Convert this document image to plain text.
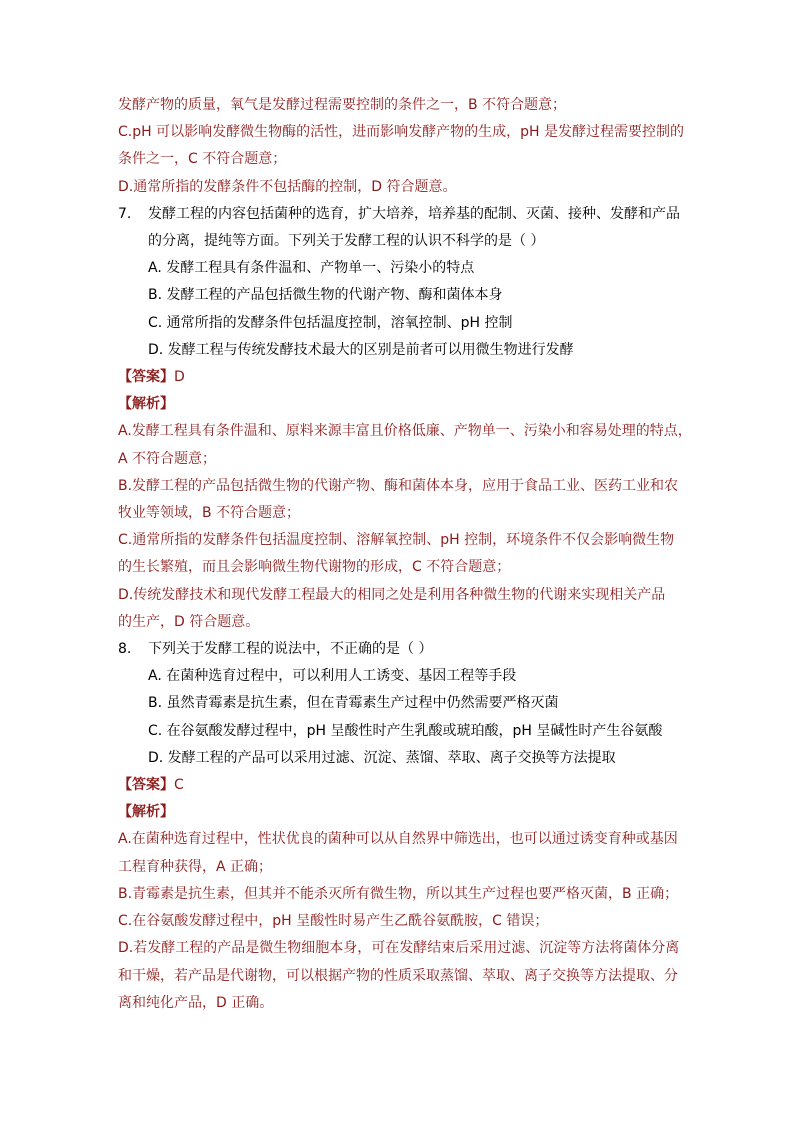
发酵产物的质量，氧气是发酵过程需要控制的条件之一，B 不符合题意；
C.pH 可以影响发酵微生物酶的活性，进而影响发酵产物的生成，pH 是发酵过程需要控制的
条件之一，C 不符合题意；
D.通常所指的发酵条件不包括酶的控制，D 符合题意。
7. 发酵工程的内容包括菌种的选育，扩大培养，培养基的配制、灭菌、接种、发酵和产品
的分离，提纯等方面。下列关于发酵工程的认识不科学的是（ ）
A. 发酵工程具有条件温和、产物单一、污染小的特点
B. 发酵工程的产品包括微生物的代谢产物、酶和菌体本身
C. 通常所指的发酵条件包括温度控制，溶氧控制、pH 控制
D. 发酵工程与传统发酵技术最大的区别是前者可以用微生物进行发酵
【答案】D
【解析】
A.发酵工程具有条件温和、原料来源丰富且价格低廉、产物单一、污染小和容易处理的特点，
A 不符合题意；
B.发酵工程的产品包括微生物的代谢产物、酶和菌体本身，应用于食品工业、医药工业和农
牧业等领域，B 不符合题意；
C.通常所指的发酵条件包括温度控制、溶解氧控制、pH 控制，环境条件不仅会影响微生物
的生长繁殖，而且会影响微生物代谢物的形成，C 不符合题意；
D.传统发酵技术和现代发酵工程最大的相同之处是利用各种微生物的代谢来实现相关产品
的生产，D 符合题意。
8. 下列关于发酵工程的说法中，不正确的是（ ）
A. 在菌种选育过程中，可以利用人工诱变、基因工程等手段
B. 虽然青霉素是抗生素，但在青霉素生产过程中仍然需要严格灭菌
C. 在谷氨酸发酵过程中，pH 呈酸性时产生乳酸或琥珀酸，pH 呈碱性时产生谷氨酸
D. 发酵工程的产品可以采用过滤、沉淀、蒸馏、萃取、离子交换等方法提取
【答案】C
【解析】
A.在菌种选育过程中，性状优良的菌种可以从自然界中筛选出，也可以通过诱变育种或基因
工程育种获得，A 正确；
B.青霉素是抗生素，但其并不能杀灭所有微生物，所以其生产过程也要严格灭菌，B 正确；
C.在谷氨酸发酵过程中，pH 呈酸性时易产生乙酰谷氨酰胺，C 错误；
D.若发酵工程的产品是微生物细胞本身，可在发酵结束后采用过滤、沉淀等方法将菌体分离
和干燥，若产品是代谢物，可以根据产物的性质采取蒸馏、萃取、离子交换等方法提取、分
离和纯化产品，D 正确。
